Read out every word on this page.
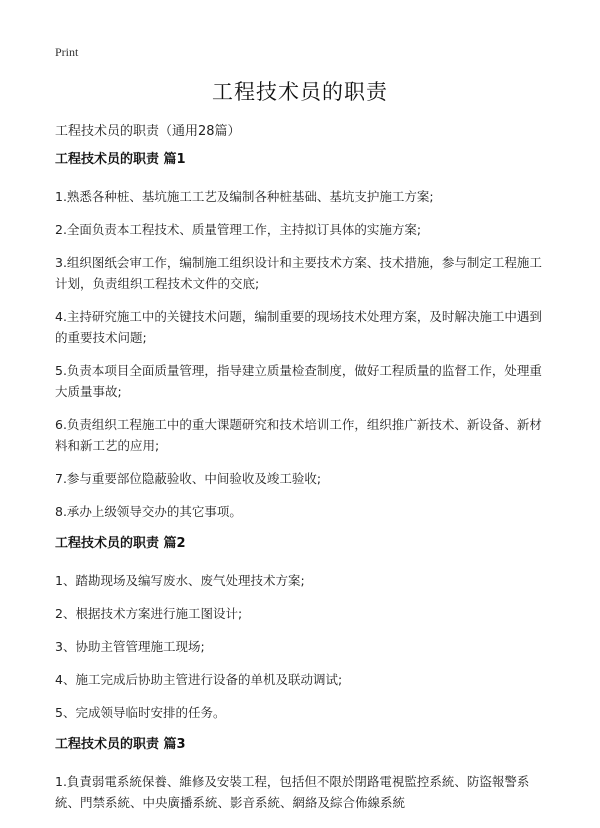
Print
工程技术员的职责

工程技术员的职责（通用28篇）

工程技术员的职责 篇1

1.熟悉各种桩、基坑施工工艺及编制各种桩基础、基坑支护施工方案;

2.全面负责本工程技术、质量管理工作，主持拟订具体的实施方案;

3.组织图纸会审工作，编制施工组织设计和主要技术方案、技术措施，参与制定工程施工计划，负责组织工程技术文件的交底;

4.主持研究施工中的关键技术问题，编制重要的现场技术处理方案，及时解决施工中遇到的重要技术问题;

5.负责本项目全面质量管理，指导建立质量检查制度，做好工程质量的监督工作，处理重大质量事故;

6.负责组织工程施工中的重大课题研究和技术培训工作，组织推广新技术、新设备、新材料和新工艺的应用;

7.参与重要部位隐蔽验收、中间验收及竣工验收;

8.承办上级领导交办的其它事项。

工程技术员的职责 篇2

1、踏勘现场及编写废水、废气处理技术方案;

2、根据技术方案进行施工图设计;

3、协助主管管理施工现场;

4、施工完成后协助主管进行设备的单机及联动调试;

5、完成领导临时安排的任务。

工程技术员的职责 篇3

1.負責弱電系統保養、維修及安裝工程，包括但不限於閉路電視監控系統、防盜報警系統、門禁系統、中央廣播系統、影音系統、網絡及綜合佈線系統
